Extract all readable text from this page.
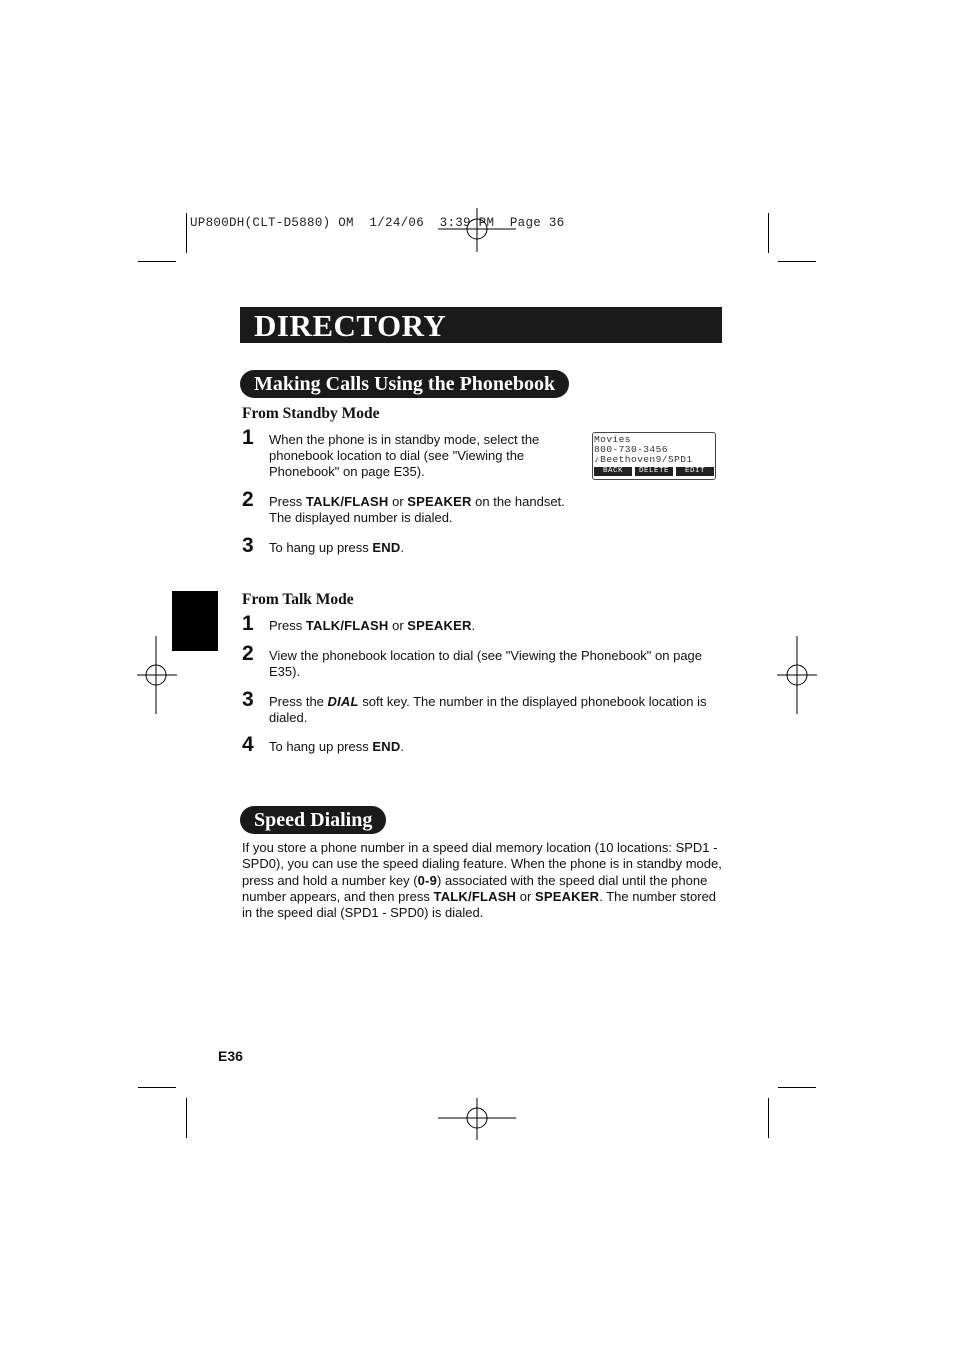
UP800DH(CLT-D5880) OM  1/24/06  3:39 PM  Page 36
DIRECTORY
Making Calls Using the Phonebook
From Standby Mode
1 When the phone is in standby mode, select the phonebook location to dial (see "Viewing the Phonebook" on page E35).
2 Press TALK/FLASH or SPEAKER on the handset. The displayed number is dialed.
3 To hang up press END.
Movies
800-730-3456
♪Beethoven9/SPD1
BACK	DELETE	EDIT
From Talk Mode
1 Press TALK/FLASH or SPEAKER.
2 View the phonebook location to dial (see "Viewing the Phonebook" on page E35).
3 Press the DIAL soft key. The number in the displayed phonebook location is dialed.
4 To hang up press END.
Speed Dialing
If you store a phone number in a speed dial memory location (10 locations: SPD1 - SPD0), you can use the speed dialing feature. When the phone is in standby mode, press and hold a number key (0-9) associated with the speed dial until the phone number appears, and then press TALK/FLASH or SPEAKER. The number stored in the speed dial (SPD1 - SPD0) is dialed.
E36
